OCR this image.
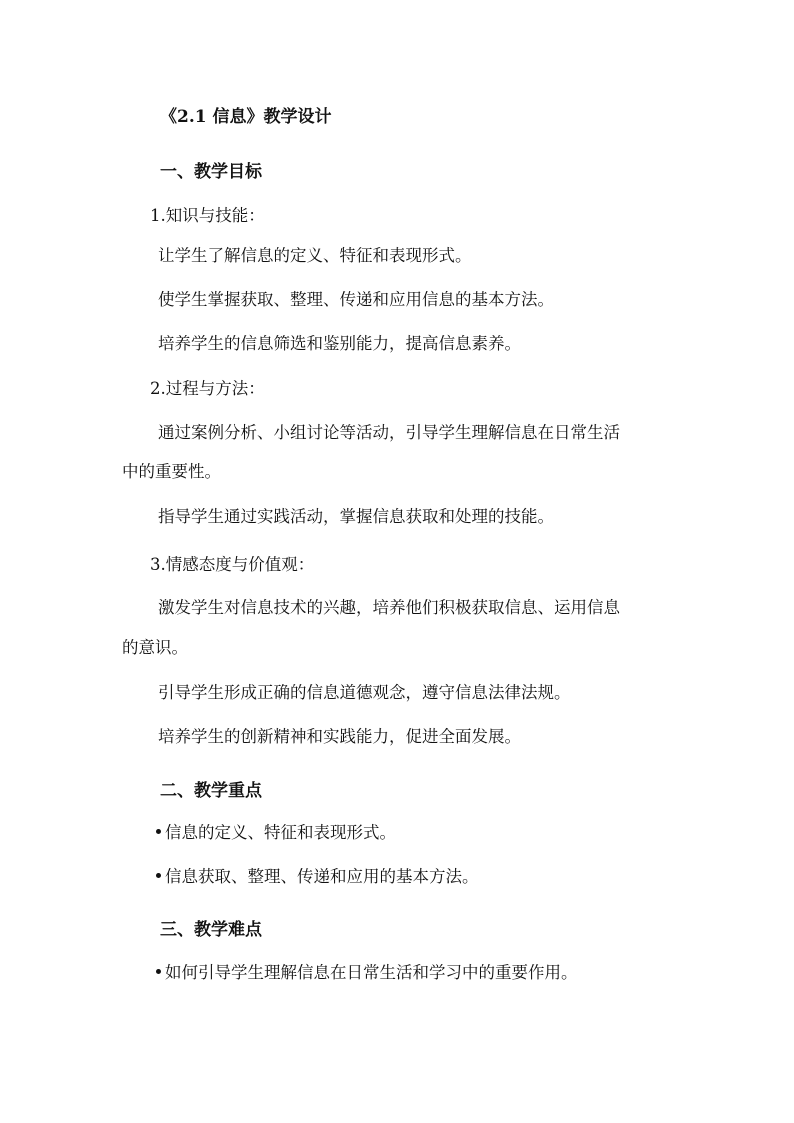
《2.1 信息》教学设计
一、教学目标
1.知识与技能：
让学生了解信息的定义、特征和表现形式。
使学生掌握获取、整理、传递和应用信息的基本方法。
培养学生的信息筛选和鉴别能力，提高信息素养。
2.过程与方法：
通过案例分析、小组讨论等活动，引导学生理解信息在日常生活
中的重要性。
指导学生通过实践活动，掌握信息获取和处理的技能。
3.情感态度与价值观：
激发学生对信息技术的兴趣，培养他们积极获取信息、运用信息
的意识。
引导学生形成正确的信息道德观念，遵守信息法律法规。
培养学生的创新精神和实践能力，促进全面发展。
二、教学重点
信息的定义、特征和表现形式。
信息获取、整理、传递和应用的基本方法。
三、教学难点
如何引导学生理解信息在日常生活和学习中的重要作用。
